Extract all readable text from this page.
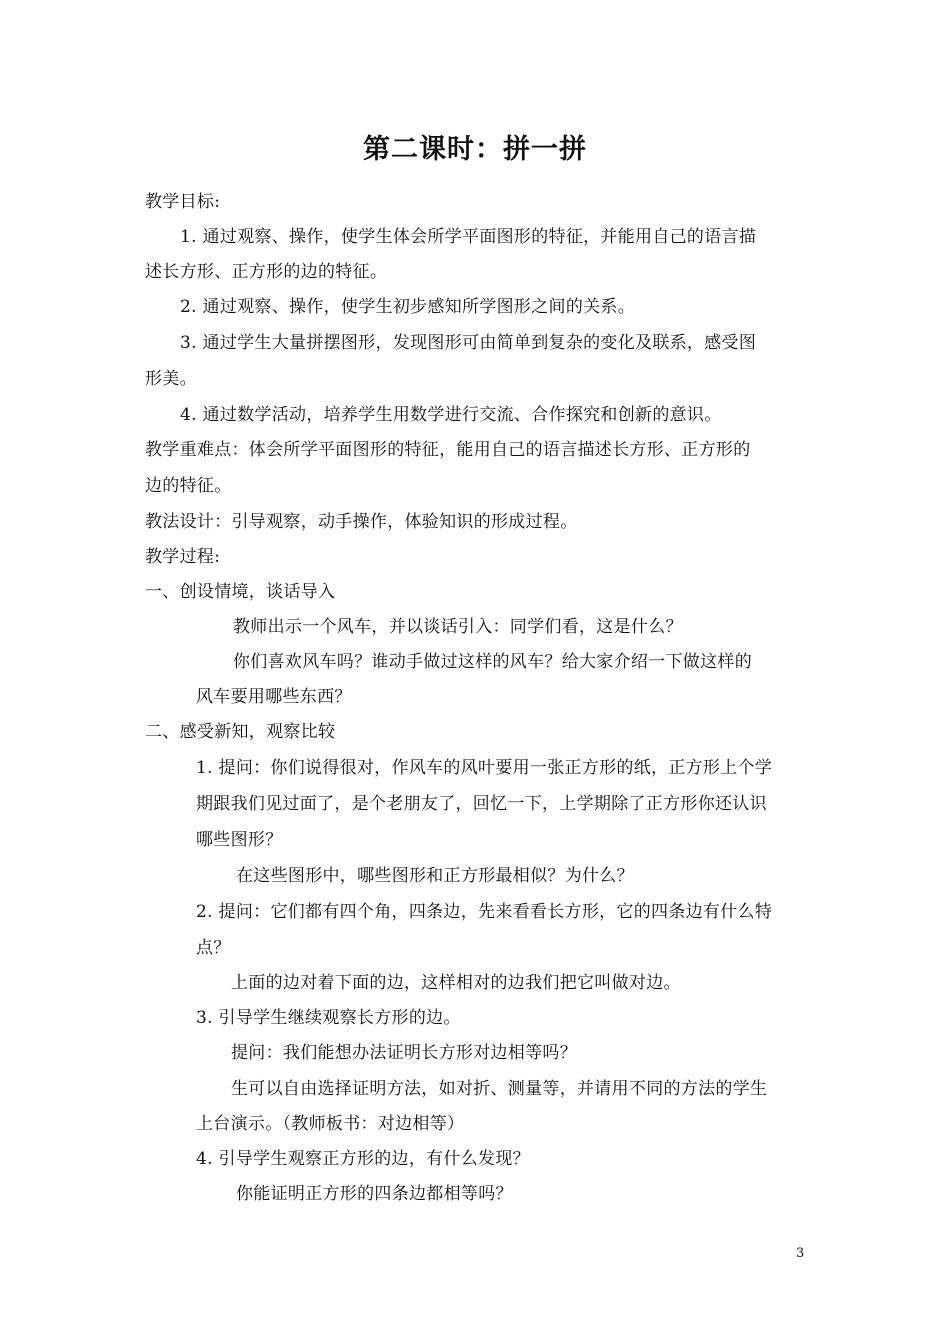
第二课时：拼一拼
教学目标:
1. 通过观察、操作，使学生体会所学平面图形的特征，并能用自己的语言描
述长方形、正方形的边的特征。
2. 通过观察、操作，使学生初步感知所学图形之间的关系。
3. 通过学生大量拼摆图形，发现图形可由简单到复杂的变化及联系，感受图
形美。
4. 通过数学活动，培养学生用数学进行交流、合作探究和创新的意识。
教学重难点：体会所学平面图形的特征，能用自己的语言描述长方形、正方形的
边的特征。
教法设计：引导观察，动手操作，体验知识的形成过程。
教学过程:
一、创设情境，谈话导入
教师出示一个风车，并以谈话引入：同学们看，这是什么？
你们喜欢风车吗？谁动手做过这样的风车？给大家介绍一下做这样的
风车要用哪些东西？
二、感受新知，观察比较
1. 提问：你们说得很对，作风车的风叶要用一张正方形的纸，正方形上个学
期跟我们见过面了，是个老朋友了，回忆一下，上学期除了正方形你还认识
哪些图形？
在这些图形中，哪些图形和正方形最相似？为什么？
2. 提问：它们都有四个角，四条边，先来看看长方形，它的四条边有什么特
点？
上面的边对着下面的边，这样相对的边我们把它叫做对边。
3. 引导学生继续观察长方形的边。
提问：我们能想办法证明长方形对边相等吗？
生可以自由选择证明方法，如对折、测量等，并请用不同的方法的学生
上台演示。（教师板书：对边相等）
4. 引导学生观察正方形的边，有什么发现？
你能证明正方形的四条边都相等吗？
3
